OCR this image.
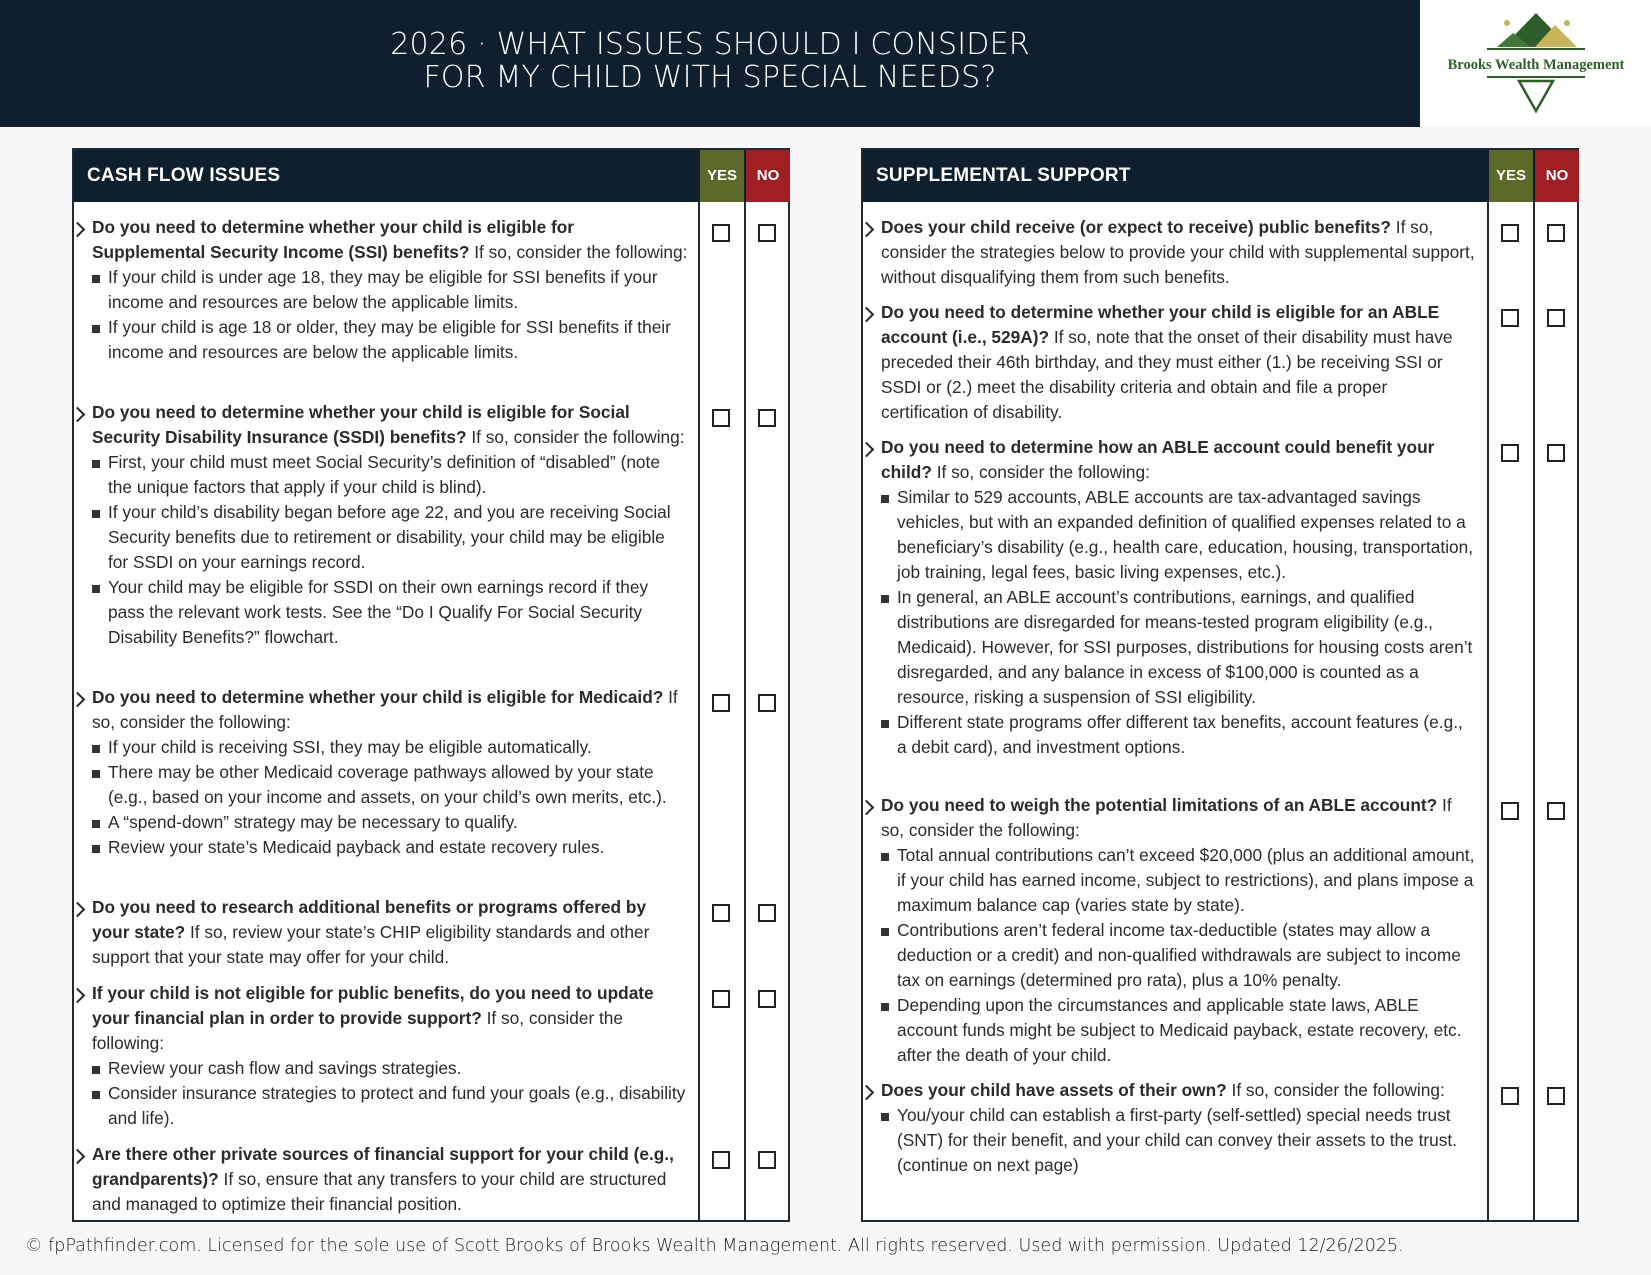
2026 · WHAT ISSUES SHOULD I CONSIDER
FOR MY CHILD WITH SPECIAL NEEDS?	Brooks Wealth Management
CASH FLOW ISSUES	YES	NO
Do you need to determine whether your child is eligible for Supplemental Security Income (SSI) benefits? If so, consider the following:
If your child is under age 18, they may be eligible for SSI benefits if your income and resources are below the applicable limits.
If your child is age 18 or older, they may be eligible for SSI benefits if their income and resources are below the applicable limits.
Do you need to determine whether your child is eligible for Social Security Disability Insurance (SSDI) benefits? If so, consider the following:
First, your child must meet Social Security’s definition of “disabled” (note the unique factors that apply if your child is blind).
If your child’s disability began before age 22, and you are receiving Social Security benefits due to retirement or disability, your child may be eligible for SSDI on your earnings record.
Your child may be eligible for SSDI on their own earnings record if they pass the relevant work tests. See the “Do I Qualify For Social Security Disability Benefits?” flowchart.
Do you need to determine whether your child is eligible for Medicaid? If so, consider the following:
If your child is receiving SSI, they may be eligible automatically.
There may be other Medicaid coverage pathways allowed by your state (e.g., based on your income and assets, on your child’s own merits, etc.).
A “spend-down” strategy may be necessary to qualify.
Review your state’s Medicaid payback and estate recovery rules.
Do you need to research additional benefits or programs offered by your state? If so, review your state’s CHIP eligibility standards and other support that your state may offer for your child.
If your child is not eligible for public benefits, do you need to update your financial plan in order to provide support? If so, consider the following:
Review your cash flow and savings strategies.
Consider insurance strategies to protect and fund your goals (e.g., disability and life).
Are there other private sources of financial support for your child (e.g., grandparents)? If so, ensure that any transfers to your child are structured and managed to optimize their financial position.
SUPPLEMENTAL SUPPORT	YES	NO
Does your child receive (or expect to receive) public benefits? If so, consider the strategies below to provide your child with supplemental support, without disqualifying them from such benefits.
Do you need to determine whether your child is eligible for an ABLE account (i.e., 529A)? If so, note that the onset of their disability must have preceded their 46th birthday, and they must either (1.) be receiving SSI or SSDI or (2.) meet the disability criteria and obtain and file a proper certification of disability.
Do you need to determine how an ABLE account could benefit your child? If so, consider the following:
Similar to 529 accounts, ABLE accounts are tax-advantaged savings vehicles, but with an expanded definition of qualified expenses related to a beneficiary’s disability (e.g., health care, education, housing, transportation, job training, legal fees, basic living expenses, etc.).
In general, an ABLE account’s contributions, earnings, and qualified distributions are disregarded for means-tested program eligibility (e.g., Medicaid). However, for SSI purposes, distributions for housing costs aren’t disregarded, and any balance in excess of $100,000 is counted as a resource, risking a suspension of SSI eligibility.
Different state programs offer different tax benefits, account features (e.g., a debit card), and investment options.
Do you need to weigh the potential limitations of an ABLE account? If so, consider the following:
Total annual contributions can’t exceed $20,000 (plus an additional amount, if your child has earned income, subject to restrictions), and plans impose a maximum balance cap (varies state by state).
Contributions aren’t federal income tax-deductible (states may allow a deduction or a credit) and non-qualified withdrawals are subject to income tax on earnings (determined pro rata), plus a 10% penalty.
Depending upon the circumstances and applicable state laws, ABLE account funds might be subject to Medicaid payback, estate recovery, etc. after the death of your child.
Does your child have assets of their own? If so, consider the following:
You/your child can establish a first-party (self-settled) special needs trust (SNT) for their benefit, and your child can convey their assets to the trust. (continue on next page)
© fpPathfinder.com. Licensed for the sole use of Scott Brooks of Brooks Wealth Management. All rights reserved. Used with permission. Updated 12/26/2025.
